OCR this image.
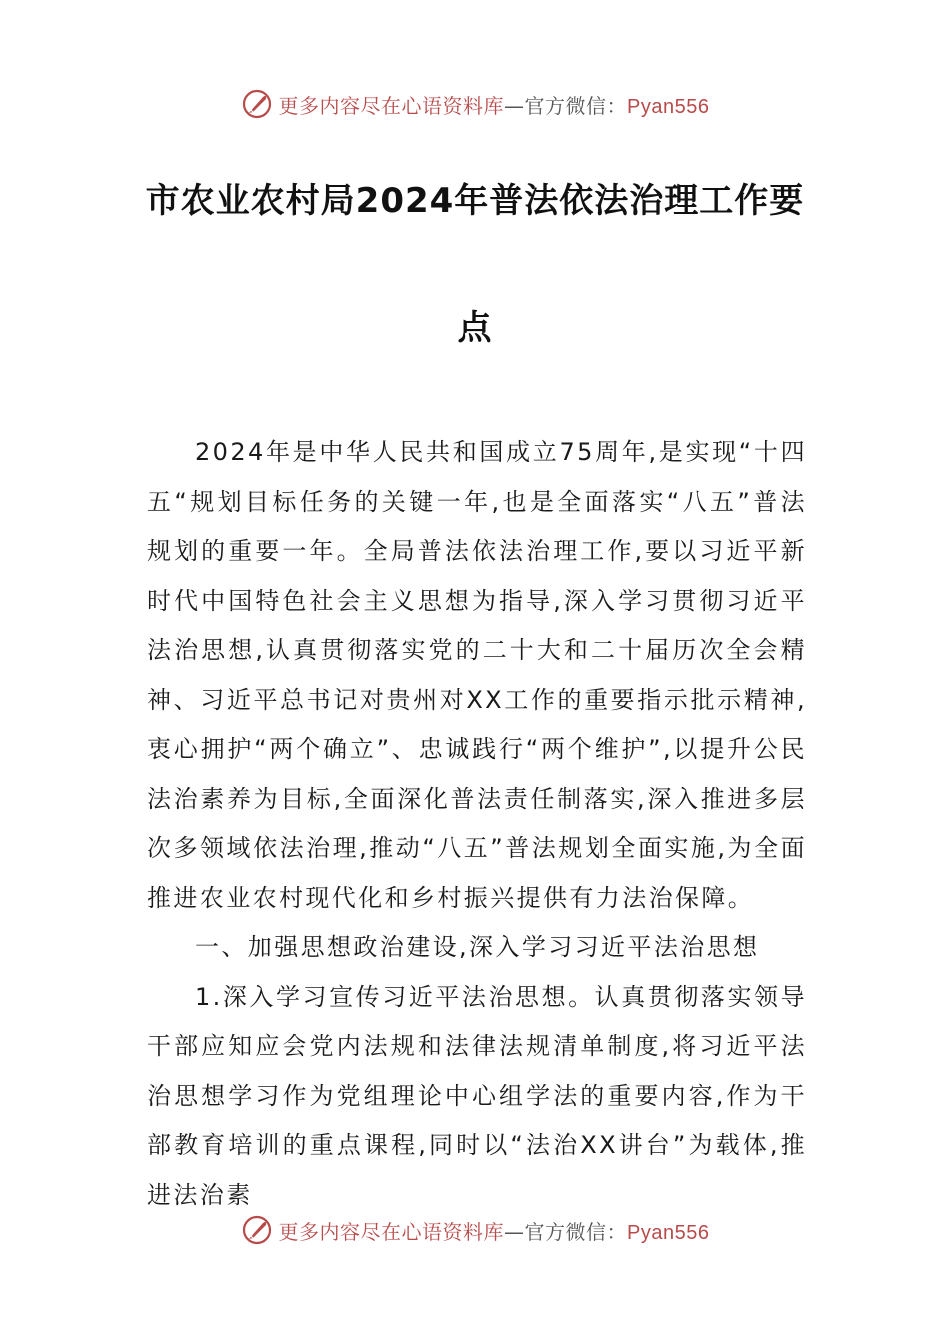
更多内容尽在心语资料库—官方微信：Pyan556
市农业农村局2024年普法依法治理工作要
点

2024年是中华人民共和国成立75周年,是实现“十四五“规划目标任务的关键一年,也是全面落实“八五”普法规划的重要一年。全局普法依法治理工作,要以习近平新时代中国特色社会主义思想为指导,深入学习贯彻习近平法治思想,认真贯彻落实党的二十大和二十届历次全会精神、习近平总书记对贵州对XX工作的重要指示批示精神,衷心拥护“两个确立”、忠诚践行“两个维护”,以提升公民法治素养为目标,全面深化普法责任制落实,深入推进多层次多领域依法治理,推动“八五”普法规划全面实施,为全面推进农业农村现代化和乡村振兴提供有力法治保障。

一、加强思想政治建设,深入学习习近平法治思想

1.深入学习宣传习近平法治思想。认真贯彻落实领导干部应知应会党内法规和法律法规清单制度,将习近平法治思想学习作为党组理论中心组学法的重要内容,作为干部教育培训的重点课程,同时以“法治XX讲台”为载体,推进法治素

更多内容尽在心语资料库—官方微信：Pyan556
